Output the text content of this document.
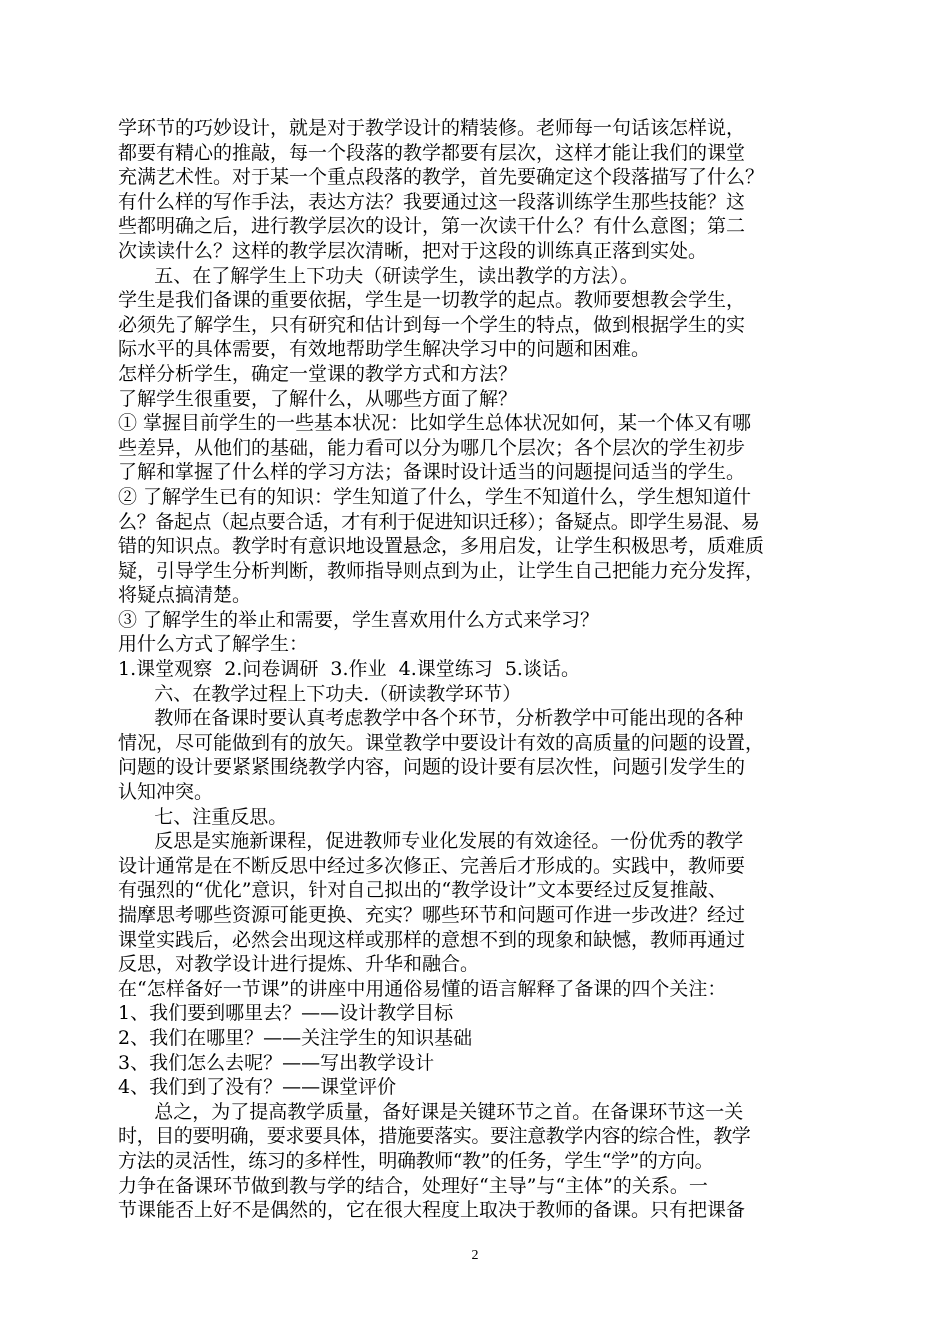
学环节的巧妙设计，就是对于教学设计的精装修。老师每一句话该怎样说，
都要有精心的推敲，每一个段落的教学都要有层次，这样才能让我们的课堂
充满艺术性。对于某一个重点段落的教学，首先要确定这个段落描写了什么？
有什么样的写作手法，表达方法？我要通过这一段落训练学生那些技能？这
些都明确之后，进行教学层次的设计，第一次读干什么？有什么意图；第二
次读读什么？这样的教学层次清晰，把对于这段的训练真正落到实处。
五、在了解学生上下功夫（研读学生，读出教学的方法）。
学生是我们备课的重要依据，学生是一切教学的起点。教师要想教会学生，
必须先了解学生，只有研究和估计到每一个学生的特点，做到根据学生的实
际水平的具体需要，有效地帮助学生解决学习中的问题和困难。
怎样分析学生，确定一堂课的教学方式和方法？
了解学生很重要，了解什么，从哪些方面了解？
① 掌握目前学生的一些基本状况：比如学生总体状况如何，某一个体又有哪
些差异，从他们的基础，能力看可以分为哪几个层次；各个层次的学生初步
了解和掌握了什么样的学习方法；备课时设计适当的问题提问适当的学生。
② 了解学生已有的知识：学生知道了什么，学生不知道什么，学生想知道什
么？备起点（起点要合适，才有利于促进知识迁移）；备疑点。即学生易混、易
错的知识点。教学时有意识地设置悬念，多用启发，让学生积极思考，质难质
疑，引导学生分析判断，教师指导则点到为止，让学生自己把能力充分发挥，
将疑点搞清楚。
③ 了解学生的举止和需要，学生喜欢用什么方式来学习？
用什么方式了解学生：
1.课堂观察  2.问卷调研  3.作业  4.课堂练习  5.谈话。
六、在教学过程上下功夫.（研读教学环节）
教师在备课时要认真考虑教学中各个环节，分析教学中可能出现的各种
情况，尽可能做到有的放矢。课堂教学中要设计有效的高质量的问题的设置，
问题的设计要紧紧围绕教学内容，问题的设计要有层次性，问题引发学生的
认知冲突。
七、注重反思。
反思是实施新课程，促进教师专业化发展的有效途径。一份优秀的教学
设计通常是在不断反思中经过多次修正、完善后才形成的。实践中，教师要
有强烈的“优化”意识，针对自己拟出的“教学设计”文本要经过反复推敲、
揣摩思考哪些资源可能更换、充实？哪些环节和问题可作进一步改进？经过
课堂实践后，必然会出现这样或那样的意想不到的现象和缺憾，教师再通过
反思，对教学设计进行提炼、升华和融合。
在“怎样备好一节课”的讲座中用通俗易懂的语言解释了备课的四个关注：
1、我们要到哪里去？——设计教学目标
2、我们在哪里？——关注学生的知识基础
3、我们怎么去呢？——写出教学设计
4、我们到了没有？——课堂评价
总之，为了提高教学质量，备好课是关键环节之首。在备课环节这一关
时，目的要明确，要求要具体，措施要落实。要注意教学内容的综合性，教学
方法的灵活性，练习的多样性，明确教师“教”的任务，学生“学”的方向。
力争在备课环节做到教与学的结合，处理好“主导”与“主体”的关系。一
节课能否上好不是偶然的，它在很大程度上取决于教师的备课。只有把课备
2
